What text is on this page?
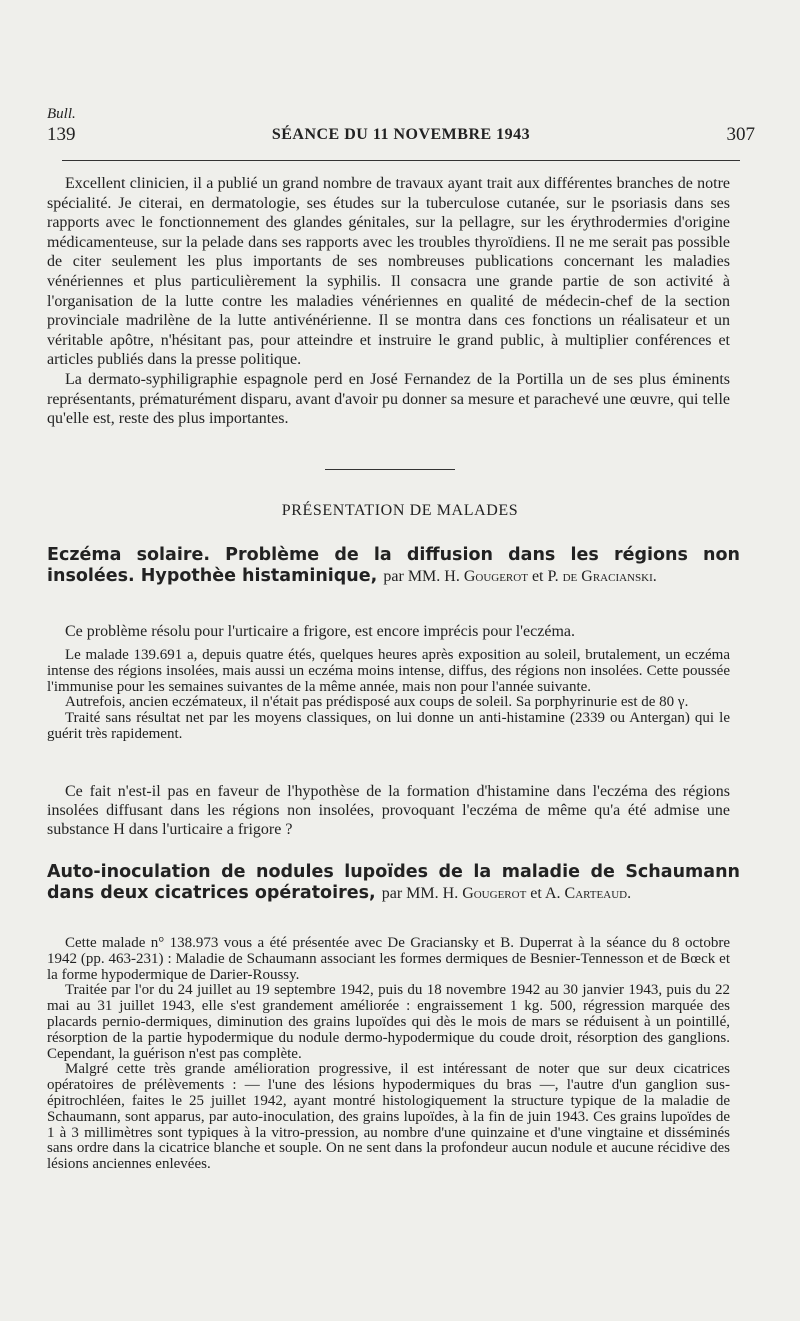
Bull.
139	SÉANCE DU 11 NOVEMBRE 1943	307

Excellent clinicien, il a publié un grand nombre de travaux ayant trait aux différentes branches de notre spécialité. Je citerai, en dermatologie, ses études sur la tuberculose cutanée, sur le psoriasis dans ses rapports avec le fonctionnement des glandes génitales, sur la pellagre, sur les érythrodermies d'origine médicamenteuse, sur la pelade dans ses rapports avec les troubles thyroïdiens. Il ne me serait pas possible de citer seulement les plus importants de ses nombreuses publications concernant les maladies vénériennes et plus particulièrement la syphilis. Il consacra une grande partie de son activité à l'organisation de la lutte contre les maladies vénériennes en qualité de médecin-chef de la section provinciale madrilène de la lutte antivénérienne. Il se montra dans ces fonctions un réalisateur et un véritable apôtre, n'hésitant pas, pour atteindre et instruire le grand public, à multiplier conférences et articles publiés dans la presse politique.

La dermato-syphiligraphie espagnole perd en José Fernandez de la Portilla un de ses plus éminents représentants, prématurément disparu, avant d'avoir pu donner sa mesure et parachevé une œuvre, qui telle qu'elle est, reste des plus importantes.

PRÉSENTATION DE MALADES
Eczéma solaire. Problème de la diffusion dans les régions non insolées. Hypothèe histaminique, par MM. H. Gougerot et P. de Gracianski.

Ce problème résolu pour l'urticaire a frigore, est encore imprécis pour l'eczéma.

Le malade 139.691 a, depuis quatre étés, quelques heures après exposition au soleil, brutalement, un eczéma intense des régions insolées, mais aussi un eczéma moins intense, diffus, des régions non insolées. Cette poussée l'immunise pour les semaines suivantes de la même année, mais non pour l'année suivante.

Autrefois, ancien eczémateux, il n'était pas prédisposé aux coups de soleil. Sa porphyrinurie est de 80 γ.

Traité sans résultat net par les moyens classiques, on lui donne un anti-histamine (2339 ou Antergan) qui le guérit très rapidement.

Ce fait n'est-il pas en faveur de l'hypothèse de la formation d'histamine dans l'eczéma des régions insolées diffusant dans les régions non insolées, provoquant l'eczéma de même qu'a été admise une substance H dans l'urticaire a frigore ?

Auto-inoculation de nodules lupoïdes de la maladie de Schaumann dans deux cicatrices opératoires, par MM. H. Gougerot et A. Carteaud.

Cette malade n° 138.973 vous a été présentée avec De Graciansky et B. Duperrat à la séance du 8 octobre 1942 (pp. 463-231) : Maladie de Schaumann associant les formes dermiques de Besnier-Tennesson et de Bœck et la forme hypodermique de Darier-Roussy.

Traitée par l'or du 24 juillet au 19 septembre 1942, puis du 18 novembre 1942 au 30 janvier 1943, puis du 22 mai au 31 juillet 1943, elle s'est grandement améliorée : engraissement 1 kg. 500, régression marquée des placards pernio-dermiques, diminution des grains lupoïdes qui dès le mois de mars se réduisent à un pointillé, résorption de la partie hypodermique du nodule dermo-hypodermique du coude droit, résorption des ganglions. Cependant, la guérison n'est pas complète.

Malgré cette très grande amélioration progressive, il est intéressant de noter que sur deux cicatrices opératoires de prélèvements : — l'une des lésions hypodermiques du bras —, l'autre d'un ganglion sus-épitrochléen, faites le 25 juillet 1942, ayant montré histologiquement la structure typique de la maladie de Schaumann, sont apparus, par auto-inoculation, des grains lupoïdes, à la fin de juin 1943. Ces grains lupoïdes de 1 à 3 millimètres sont typiques à la vitro-pression, au nombre d'une quinzaine et d'une vingtaine et disséminés sans ordre dans la cicatrice blanche et souple. On ne sent dans la profondeur aucun nodule et aucune récidive des lésions anciennes enlevées.
